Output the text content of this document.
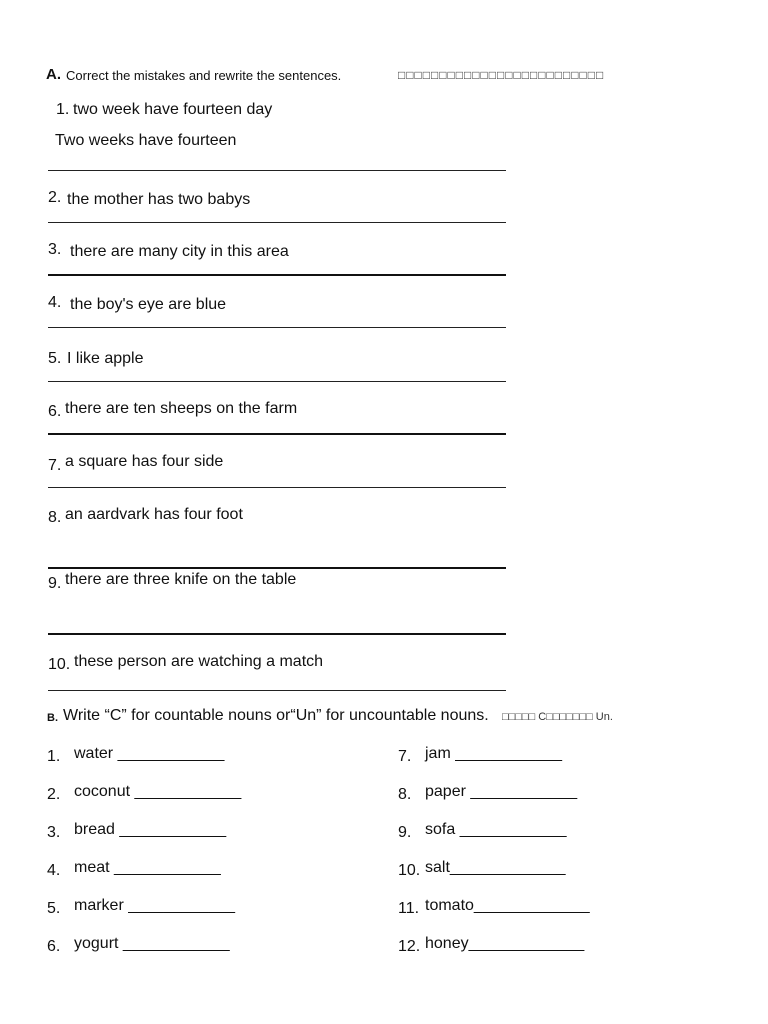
A. Correct the mistakes and rewrite the sentences.	□□□□□□□□□□□□□□□□□□□□□□□□□
1. two week have fourteen day
Two weeks have fourteen
2. the mother has two babys
3. there are many city in this area
4. the boy's eye are blue
5. I like apple
6. there are ten sheeps on the farm
7. a square has four side
8. an aardvark has four foot
9. there are three knife on the table
10. these person are watching a match
B. Write “C” for countable nouns or“Un” for uncountable nouns. □□□□□ C□□□□□□□ Un.
1. water ____________
2. coconut ____________
3. bread ____________
4. meat ____________
5. marker ____________
6. yogurt ____________
7. jam ____________
8. paper ____________
9. sofa ____________
10. salt_____________
11. tomato_____________
12. honey_____________
